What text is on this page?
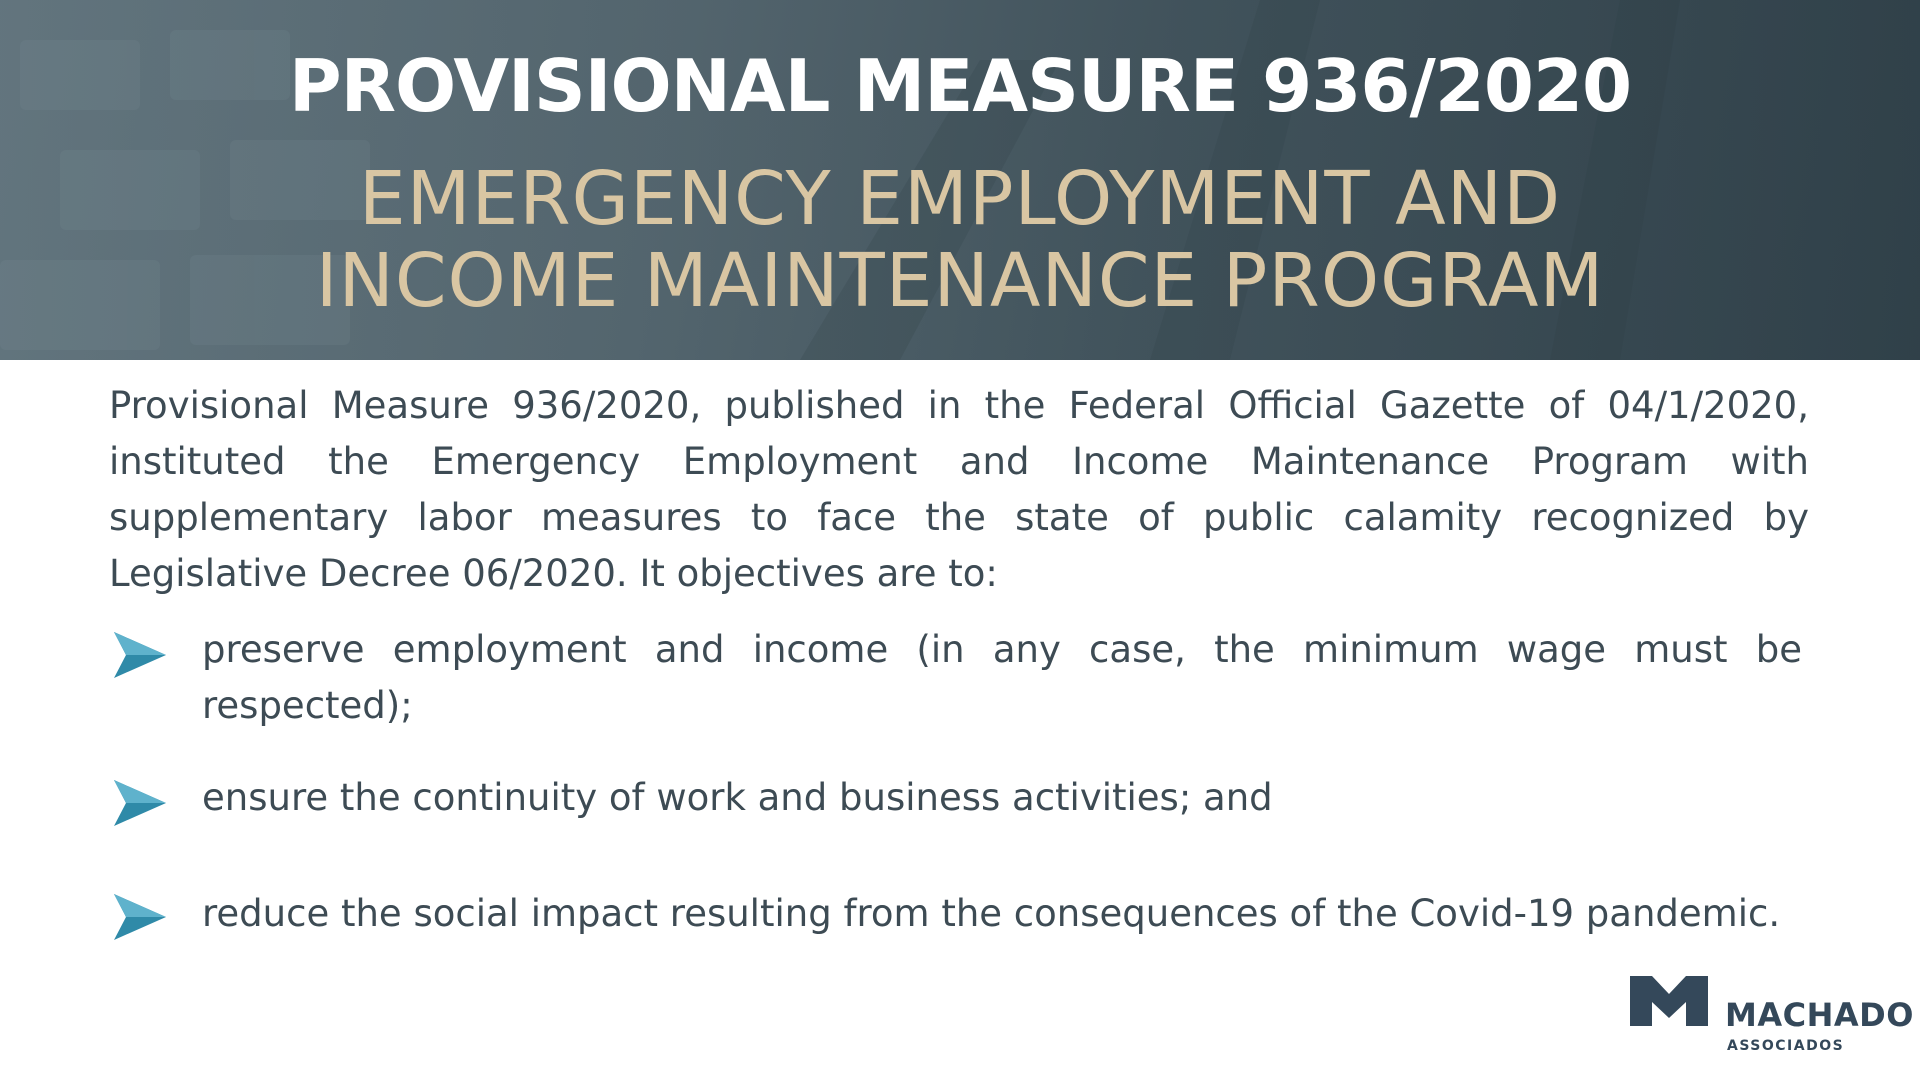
PROVISIONAL MEASURE 936/2020
EMERGENCY EMPLOYMENT AND
INCOME MAINTENANCE PROGRAM

Provisional Measure 936/2020, published in the Federal Official Gazette of 04/1/2020, instituted the Emergency Employment and Income Maintenance Program with supplementary labor measures to face the state of public calamity recognized by Legislative Decree 06/2020. It objectives are to:

preserve employment and income (in any case, the minimum wage must be respected);
ensure the continuity of work and business activities; and
reduce the social impact resulting from the consequences of the Covid-19 pandemic.
MACHADO
ASSOCIADOS
